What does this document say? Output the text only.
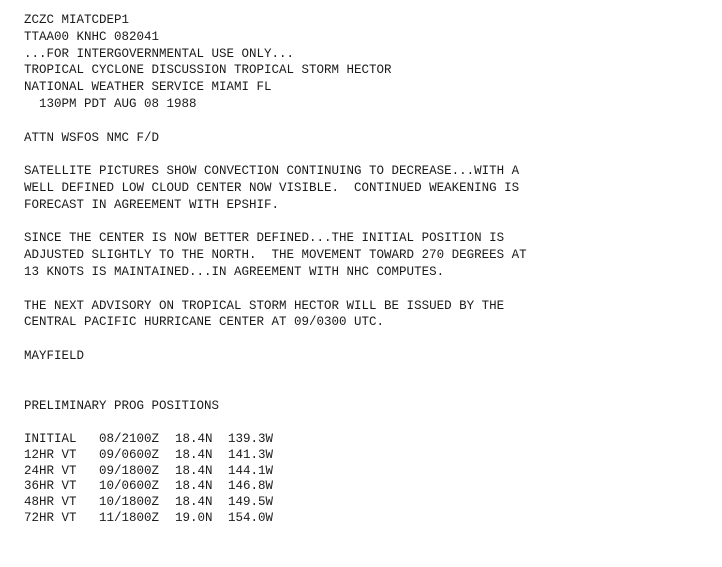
ZCZC MIATCDEP1
TTAA00 KNHC 082041
...FOR INTERGOVERNMENTAL USE ONLY...
TROPICAL CYCLONE DISCUSSION TROPICAL STORM HECTOR
NATIONAL WEATHER SERVICE MIAMI FL
130PM PDT AUG 08 1988
ATTN WSFOS NMC F/D
SATELLITE PICTURES SHOW CONVECTION CONTINUING TO DECREASE...WITH A
WELL DEFINED LOW CLOUD CENTER NOW VISIBLE.  CONTINUED WEAKENING IS
FORECAST IN AGREEMENT WITH EPSHIF.
SINCE THE CENTER IS NOW BETTER DEFINED...THE INITIAL POSITION IS
ADJUSTED SLIGHTLY TO THE NORTH.  THE MOVEMENT TOWARD 270 DEGREES AT
13 KNOTS IS MAINTAINED...IN AGREEMENT WITH NHC COMPUTES.
THE NEXT ADVISORY ON TROPICAL STORM HECTOR WILL BE ISSUED BY THE
CENTRAL PACIFIC HURRICANE CENTER AT 09/0300 UTC.
MAYFIELD
PRELIMINARY PROG POSITIONS
INITIAL 08/2100Z 18.4N 139.3W
12HR VT 09/0600Z 18.4N 141.3W
24HR VT 09/1800Z 18.4N 144.1W
36HR VT 10/0600Z 18.4N 146.8W
48HR VT 10/1800Z 18.4N 149.5W
72HR VT 11/1800Z 19.0N 154.0W
